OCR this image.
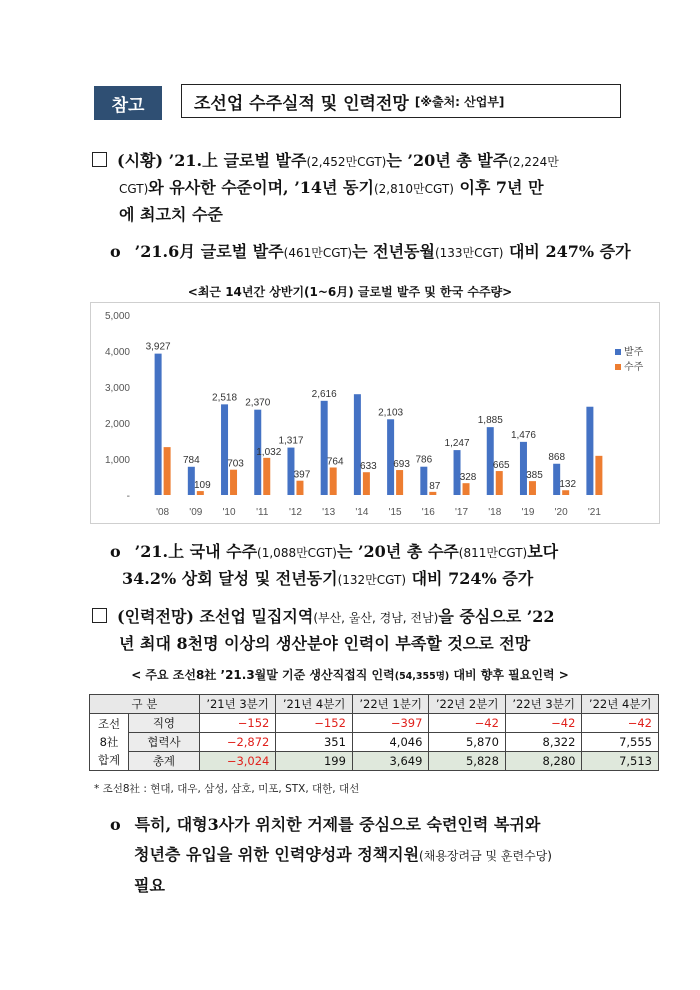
참고	조선업 수주실적 및 인력전망 [※출처: 산업부]
(시황) ’21.上 글로벌 발주(2,452만CGT)는 ’20년 총 발주(2,224만
CGT)와 유사한 수준이며, ’14년 동기(2,810만CGT) 이후 7년 만
에 최고치 수준
o ’21.6月 글로벌 발주(461만CGT)는 전년동월(133만CGT) 대비 247% 증가
<최근 14년간 상반기(1~6月) 글로벌 발주 및 한국 수주량>
-
1,000
2,000
3,000
4,000
5,000
3,927
'08
784
109
'09
2,518
703
'10
2,370
1,032
'11
1,317
397
'12
2,616
764
'13
633
'14
2,103
693
'15
786
87
'16
1,247
328
'17
1,885
665
'18
1,476
385
'19
868
132
'20 '21
발주
수주
o ’21.上 국내 수주(1,088만CGT)는 ’20년 총 수주(811만CGT)보다
34.2% 상회 달성 및 전년동기(132만CGT) 대비 724% 증가
(인력전망) 조선업 밀집지역(부산, 울산, 경남, 전남)을 중심으로 ’22
년 최대 8천명 이상의 생산분야 인력이 부족할 것으로 전망
< 주요 조선8社 ’21.3월말 기준 생산직접직 인력(54,355명) 대비 향후 필요인력 >
구 분		’21년 3분기	’21년 4분기	’22년 1분기	’22년 2분기	’22년 3분기	’22년 4분기

조선
8社
합계	직영	−152	−152	−397	−42	−42	−42
	협력사	−2,872	351	4,046	5,870	8,322	7,555
	총계	−3,024	199	3,649	5,828	8,280	7,513
* 조선8社 : 현대, 대우, 삼성, 삼호, 미포, STX, 대한, 대선
o 특히, 대형3사가 위치한 거제를 중심으로 숙련인력 복귀와
청년층 유입을 위한 인력양성과 정책지원(채용장려금 및 훈련수당)
필요
